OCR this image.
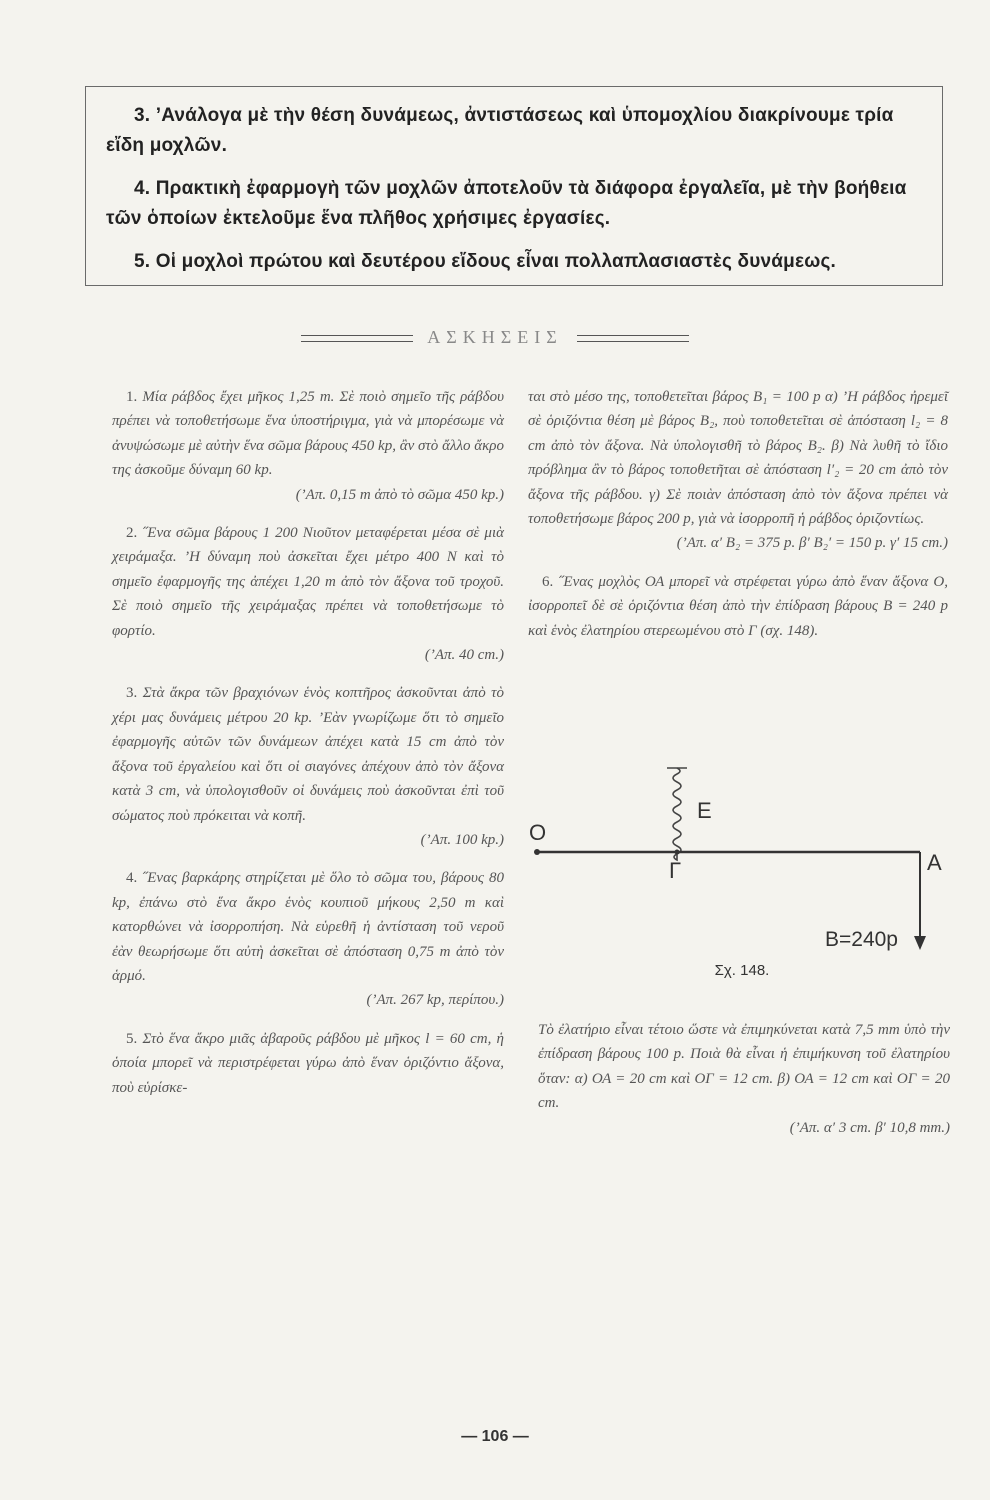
3. ’Ανάλογα μὲ τὴν θέση δυνάμεως, ἀντιστάσεως καὶ ὑπομοχλίου διακρίνουμε τρία εἴδη μοχλῶν.

4. Πρακτικὴ ἐφαρμογὴ τῶν μοχλῶν ἀποτελοῦν τὰ διάφορα ἐργαλεῖα, μὲ τὴν βοήθεια τῶν ὁποίων ἐκτελοῦμε ἕνα πλῆθος χρήσιμες ἐργασίες.

5. Οἱ μοχλοὶ πρώτου καὶ δευτέρου εἴδους εἶναι πολλαπλασιαστὲς δυνάμεως.

ΑΣΚΗΣΕΙΣ
1. Μία ράβδος ἔχει μῆκος 1,25 m. Σὲ ποιὸ σημεῖο τῆς ράβδου πρέπει νὰ τοποθετήσωμε ἕνα ὑποστήριγμα, γιὰ νὰ μπορέσωμε νὰ ἀνυψώσωμε μὲ αὐτὴν ἕνα σῶμα βάρους 450 kp, ἂν στὸ ἄλλο ἄκρο της ἀσκοῦμε δύναμη 60 kp.
(’Απ. 0,15 m ἀπὸ τὸ σῶμα 450 kp.)
2. ˝Ενα σῶμα βάρους 1 200 Νιοῦτον μεταφέρεται μέσα σὲ μιὰ χειράμαξα. ’Η δύναμη ποὺ ἀσκεῖται ἔχει μέτρο 400 N καὶ τὸ σημεῖο ἐφαρμογῆς της ἀπέχει 1,20 m ἀπὸ τὸν ἄξονα τοῦ τροχοῦ. Σὲ ποιὸ σημεῖο τῆς χειράμαξας πρέπει νὰ τοποθετήσωμε τὸ φορτίο.
(’Απ. 40 cm.)
3. Στὰ ἄκρα τῶν βραχιόνων ἑνὸς κοπτῆρος ἀσκοῦνται ἀπὸ τὸ χέρι μας δυνάμεις μέτρου 20 kp. ’Εὰν γνωρίζωμε ὅτι τὸ σημεῖο ἐφαρμογῆς αὐτῶν τῶν δυνάμεων ἀπέχει κατὰ 15 cm ἀπὸ τὸν ἄξονα τοῦ ἐργαλείου καὶ ὅτι οἱ σιαγόνες ἀπέχουν ἀπὸ τὸν ἄξονα κατὰ 3 cm, νὰ ὑπολογισθοῦν οἱ δυνάμεις ποὺ ἀσκοῦνται ἐπὶ τοῦ σώματος ποὺ πρόκειται νὰ κοπῆ.
(’Απ. 100 kp.)
4. ˝Ενας βαρκάρης στηρίζεται μὲ ὅλο τὸ σῶμα του, βάρους 80 kp, ἐπάνω στὸ ἕνα ἄκρο ἑνὸς κουπιοῦ μήκους 2,50 m καὶ κατορθώνει νὰ ἰσορροπήση. Νὰ εὑρεθῆ ἡ ἀντίσταση τοῦ νεροῦ ἐὰν θεωρήσωμε ὅτι αὐτὴ ἀσκεῖται σὲ ἀπόσταση 0,75 m ἀπὸ τὸν ἁρμό.
(’Απ. 267 kp, περίπου.)
5. Στὸ ἕνα ἄκρο μιᾶς ἀβαροῦς ράβδου μὲ μῆκος l = 60 cm, ἡ ὁποία μπορεῖ νὰ περιστρέφεται γύρω ἀπὸ ἕναν ὁριζόντιο ἄξονα, ποὺ εὑρίσκε-
ται στὸ μέσο της, τοποθετεῖται βάρος B₁ = 100 p α) ’Η ράβδος ἠρεμεῖ σὲ ὁριζόντια θέση μὲ βάρος B₂, ποὺ τοποθετεῖται σὲ ἀπόσταση l₂ = 8 cm ἀπὸ τὸν ἄξονα. Νὰ ὑπολογισθῆ τὸ βάρος B₂. β) Νὰ λυθῆ τὸ ἴδιο πρόβλημα ἂν τὸ βάρος τοποθετῆται σὲ ἀπόσταση l′₂ = 20 cm ἀπὸ τὸν ἄξονα τῆς ράβδου. γ) Σὲ ποιὰν ἀπόσταση ἀπὸ τὸν ἄξονα πρέπει νὰ τοποθετήσωμε βάρος 200 p, γιὰ νὰ ἰσορροπῆ ἡ ράβδος ὁριζοντίως.
(’Απ. α′ B₂ = 375 p. β′ B₂′ = 150 p. γ′ 15 cm.)
6. ˝Ενας μοχλὸς ΟΑ μπορεῖ νὰ στρέφεται γύρω ἀπὸ ἕναν ἄξονα Ο, ἰσορροπεῖ δὲ σὲ ὁριζόντια θέση ἀπὸ τὴν ἐπίδραση βάρους B = 240 p καὶ ἑνὸς ἐλατηρίου στερεωμένου στὸ Γ (σχ. 148).
O
E
Γ	A
B=240p
Σχ. 148.
Τὸ ἐλατήριο εἶναι τέτοιο ὥστε νὰ ἐπιμηκύνεται κατὰ 7,5 mm ὑπὸ τὴν ἐπίδραση βάρους 100 p. Ποιὰ θὰ εἶναι ἡ ἐπιμήκυνση τοῦ ἐλατηρίου ὅταν: α) ΟΑ = 20 cm καὶ ΟΓ = 12 cm. β) ΟΑ = 12 cm καὶ ΟΓ = 20 cm.
(’Απ. α′ 3 cm. β′ 10,8 mm.)
— 106 —
